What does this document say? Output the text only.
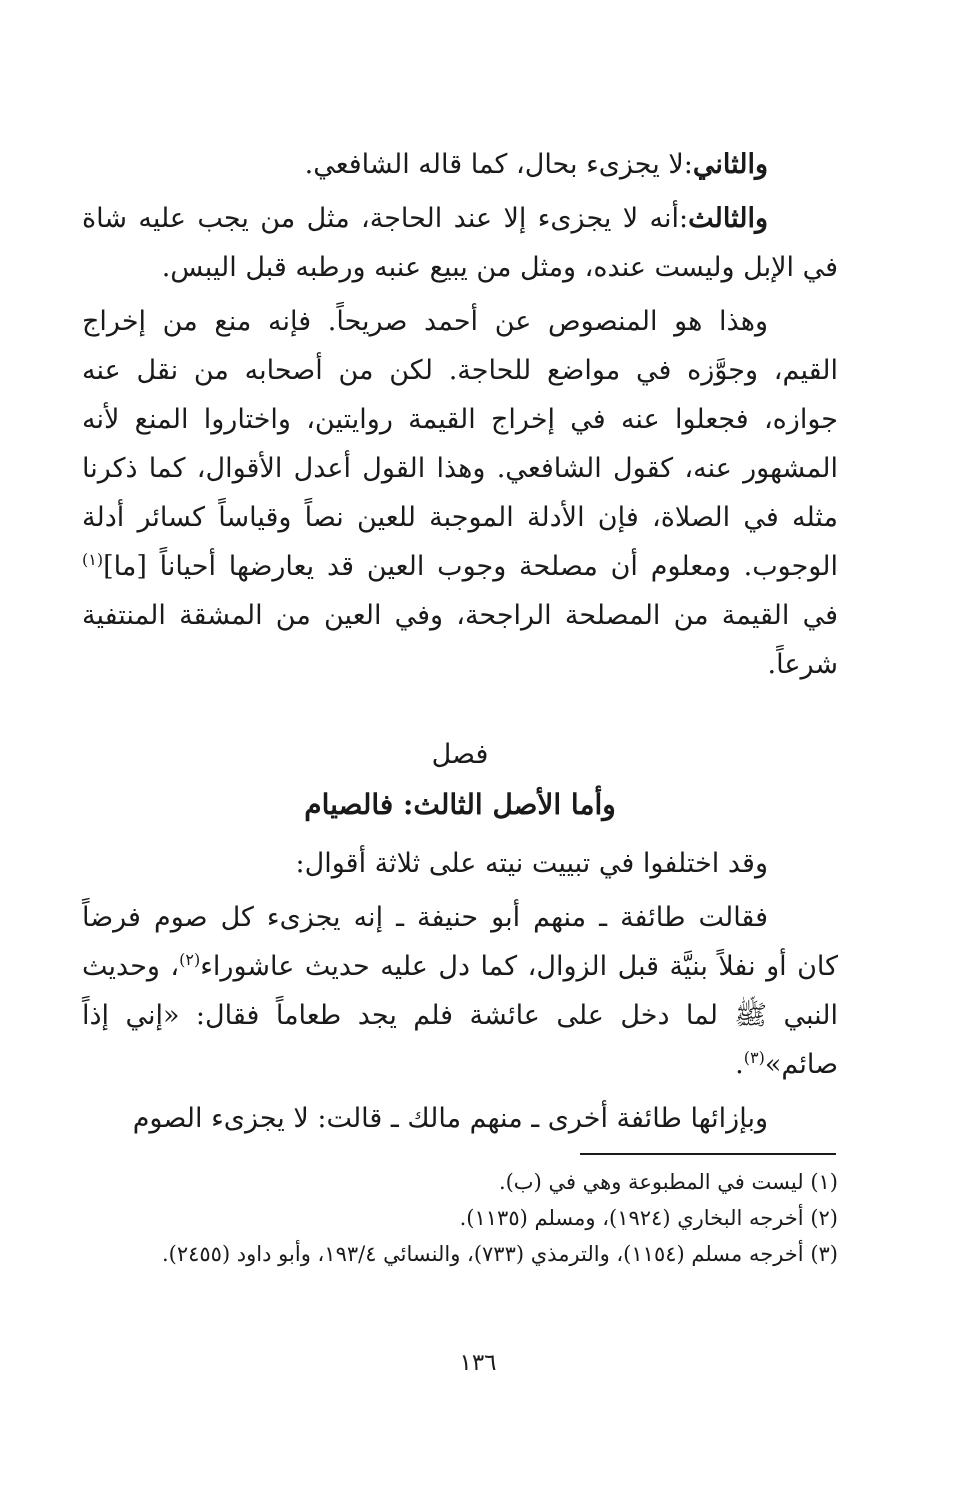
والثاني:لا يجزىء بحال، كما قاله الشافعي.

والثالث:أنه لا يجزىء إلا عند الحاجة، مثل من يجب عليه شاة في الإبل وليست عنده، ومثل من يبيع عنبه ورطبه قبل اليبس.

وهذا هو المنصوص عن أحمد صريحاً. فإنه منع من إخراج القيم، وجوَّزه في مواضع للحاجة. لكن من أصحابه من نقل عنه جوازه، فجعلوا عنه في إخراج القيمة روايتين، واختاروا المنع لأنه المشهور عنه، كقول الشافعي. وهذا القول أعدل الأقوال، كما ذكرنا مثله في الصلاة، فإن الأدلة الموجبة للعين نصاً وقياساً كسائر أدلة الوجوب. ومعلوم أن مصلحة وجوب العين قد يعارضها أحياناً [ما]$^{(١)}$ في القيمة من المصلحة الراجحة، وفي العين من المشقة المنتفية شرعاً.

فصل
وأما الأصل الثالث: فالصيام

وقد اختلفوا في تبييت نيته على ثلاثة أقوال:

فقالت طائفة ـ منهم أبو حنيفة ـ إنه يجزىء كل صوم فرضاً كان أو نفلاً بنيَّة قبل الزوال، كما دل عليه حديث عاشوراء$^{(٢)}$، وحديث النبي ﷺ لما دخل على عائشة فلم يجد طعاماً فقال: «إني إذاً صائم»$^{(٣)}$.

وبإزائها طائفة أخرى ـ منهم مالك ـ قالت: لا يجزىء الصوم

(١) ليست في المطبوعة وهي في (ب).

(٢) أخرجه البخاري (١٩٢٤)، ومسلم (١١٣٥).

(٣) أخرجه مسلم (١١٥٤)، والترمذي (٧٣٣)، والنسائي ١٩٣/٤، وأبو داود (٢٤٥٥).

١٣٦
